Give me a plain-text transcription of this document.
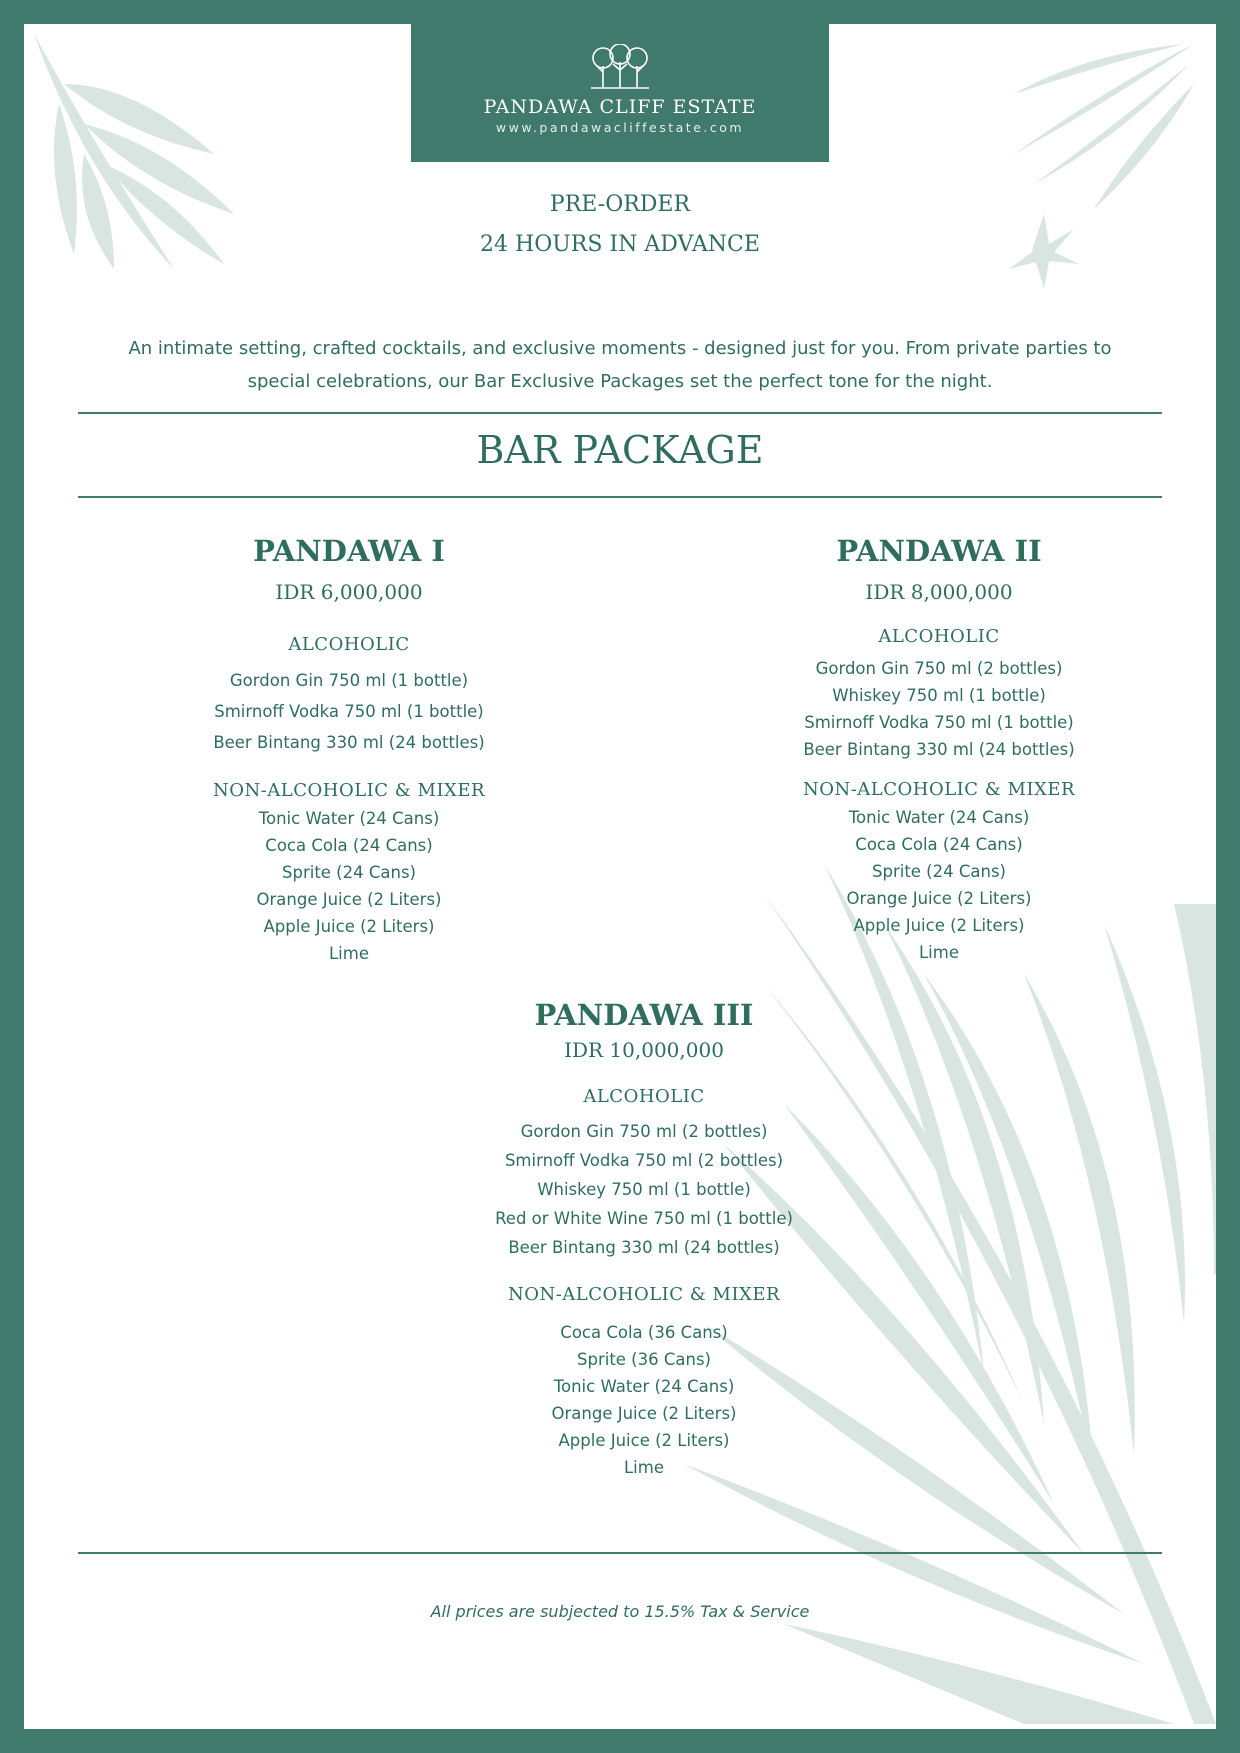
PANDAWA CLIFF ESTATE
www.pandawacliffestate.com
PRE-ORDER
24 HOURS IN ADVANCE
An intimate setting, crafted cocktails, and exclusive moments - designed just for you. From private parties to special celebrations, our Bar Exclusive Packages set the perfect tone for the night.
BAR PACKAGE
PANDAWA I
IDR 6,000,000
ALCOHOLIC
Gordon Gin 750 ml (1 bottle)
Smirnoff Vodka 750 ml (1 bottle)
Beer Bintang 330 ml (24 bottles)
NON-ALCOHOLIC & MIXER
Tonic Water (24 Cans)
Coca Cola (24 Cans)
Sprite (24 Cans)
Orange Juice (2 Liters)
Apple Juice (2 Liters)
Lime
PANDAWA II
IDR 8,000,000
ALCOHOLIC
Gordon Gin 750 ml (2 bottles)
Whiskey 750 ml (1 bottle)
Smirnoff Vodka 750 ml (1 bottle)
Beer Bintang 330 ml (24 bottles)
NON-ALCOHOLIC & MIXER
Tonic Water (24 Cans)
Coca Cola (24 Cans)
Sprite (24 Cans)
Orange Juice (2 Liters)
Apple Juice (2 Liters)
Lime
PANDAWA III
IDR 10,000,000
ALCOHOLIC
Gordon Gin 750 ml (2 bottles)
Smirnoff Vodka 750 ml (2 bottles)
Whiskey 750 ml (1 bottle)
Red or White Wine 750 ml (1 bottle)
Beer Bintang 330 ml (24 bottles)
NON-ALCOHOLIC & MIXER
Coca Cola (36 Cans)
Sprite (36 Cans)
Tonic Water (24 Cans)
Orange Juice (2 Liters)
Apple Juice (2 Liters)
Lime
All prices are subjected to 15.5% Tax & Service
